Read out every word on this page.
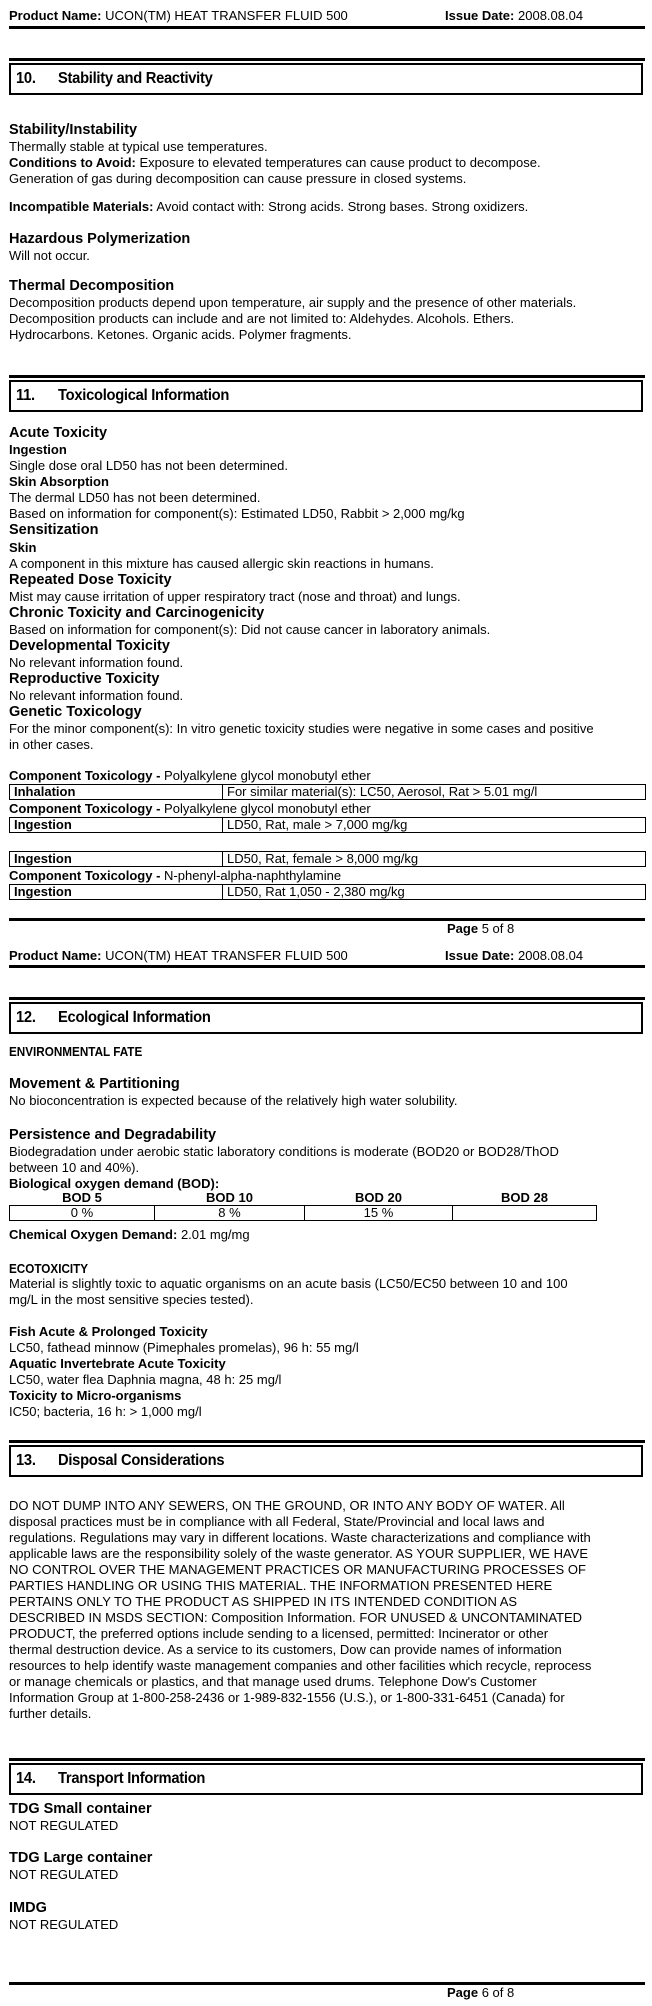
Product Name: UCON(TM) HEAT TRANSFER FLUID 500	Issue Date: 2008.08.04
10. Stability and Reactivity
Stability/Instability
Thermally stable at typical use temperatures.
Conditions to Avoid: Exposure to elevated temperatures can cause product to decompose.
Generation of gas during decomposition can cause pressure in closed systems.
Incompatible Materials: Avoid contact with: Strong acids. Strong bases. Strong oxidizers.
Hazardous Polymerization
Will not occur.
Thermal Decomposition
Decomposition products depend upon temperature, air supply and the presence of other materials.
Decomposition products can include and are not limited to: Aldehydes. Alcohols. Ethers.
Hydrocarbons. Ketones. Organic acids. Polymer fragments.
11. Toxicological Information
Acute Toxicity
Ingestion
Single dose oral LD50 has not been determined.
Skin Absorption
The dermal LD50 has not been determined.
Based on information for component(s): Estimated LD50, Rabbit > 2,000 mg/kg
Sensitization
Skin
A component in this mixture has caused allergic skin reactions in humans.
Repeated Dose Toxicity
Mist may cause irritation of upper respiratory tract (nose and throat) and lungs.
Chronic Toxicity and Carcinogenicity
Based on information for component(s): Did not cause cancer in laboratory animals.
Developmental Toxicity
No relevant information found.
Reproductive Toxicity
No relevant information found.
Genetic Toxicology
For the minor component(s): In vitro genetic toxicity studies were negative in some cases and positive
in other cases.
Component Toxicology - Polyalkylene glycol monobutyl ether
Inhalation	For similar material(s): LC50, Aerosol, Rat > 5.01 mg/l
Component Toxicology - Polyalkylene glycol monobutyl ether
Ingestion	LD50, Rat, male > 7,000 mg/kg
Ingestion	LD50, Rat, female > 8,000 mg/kg
Component Toxicology - N-phenyl-alpha-naphthylamine
Ingestion	LD50, Rat 1,050 - 2,380 mg/kg
Page 5 of 8
Product Name: UCON(TM) HEAT TRANSFER FLUID 500	Issue Date: 2008.08.04
12. Ecological Information
ENVIRONMENTAL FATE
Movement & Partitioning
No bioconcentration is expected because of the relatively high water solubility.
Persistence and Degradability
Biodegradation under aerobic static laboratory conditions is moderate (BOD20 or BOD28/ThOD
between 10 and 40%).
Biological oxygen demand (BOD):
BOD 5	BOD 10	BOD 20	BOD 28
0 %	8 %	15 %	
Chemical Oxygen Demand: 2.01 mg/mg
ECOTOXICITY
Material is slightly toxic to aquatic organisms on an acute basis (LC50/EC50 between 10 and 100
mg/L in the most sensitive species tested).
Fish Acute & Prolonged Toxicity
LC50, fathead minnow (Pimephales promelas), 96 h: 55 mg/l
Aquatic Invertebrate Acute Toxicity
LC50, water flea Daphnia magna, 48 h: 25 mg/l
Toxicity to Micro-organisms
IC50; bacteria, 16 h: > 1,000 mg/l
13. Disposal Considerations
DO NOT DUMP INTO ANY SEWERS, ON THE GROUND, OR INTO ANY BODY OF WATER. All
disposal practices must be in compliance with all Federal, State/Provincial and local laws and
regulations. Regulations may vary in different locations. Waste characterizations and compliance with
applicable laws are the responsibility solely of the waste generator. AS YOUR SUPPLIER, WE HAVE
NO CONTROL OVER THE MANAGEMENT PRACTICES OR MANUFACTURING PROCESSES OF
PARTIES HANDLING OR USING THIS MATERIAL. THE INFORMATION PRESENTED HERE
PERTAINS ONLY TO THE PRODUCT AS SHIPPED IN ITS INTENDED CONDITION AS
DESCRIBED IN MSDS SECTION: Composition Information. FOR UNUSED & UNCONTAMINATED
PRODUCT, the preferred options include sending to a licensed, permitted: Incinerator or other
thermal destruction device. As a service to its customers, Dow can provide names of information
resources to help identify waste management companies and other facilities which recycle, reprocess
or manage chemicals or plastics, and that manage used drums. Telephone Dow's Customer
Information Group at 1-800-258-2436 or 1-989-832-1556 (U.S.), or 1-800-331-6451 (Canada) for
further details.
14. Transport Information
TDG Small container
NOT REGULATED
TDG Large container
NOT REGULATED
IMDG
NOT REGULATED
Page 6 of 8
